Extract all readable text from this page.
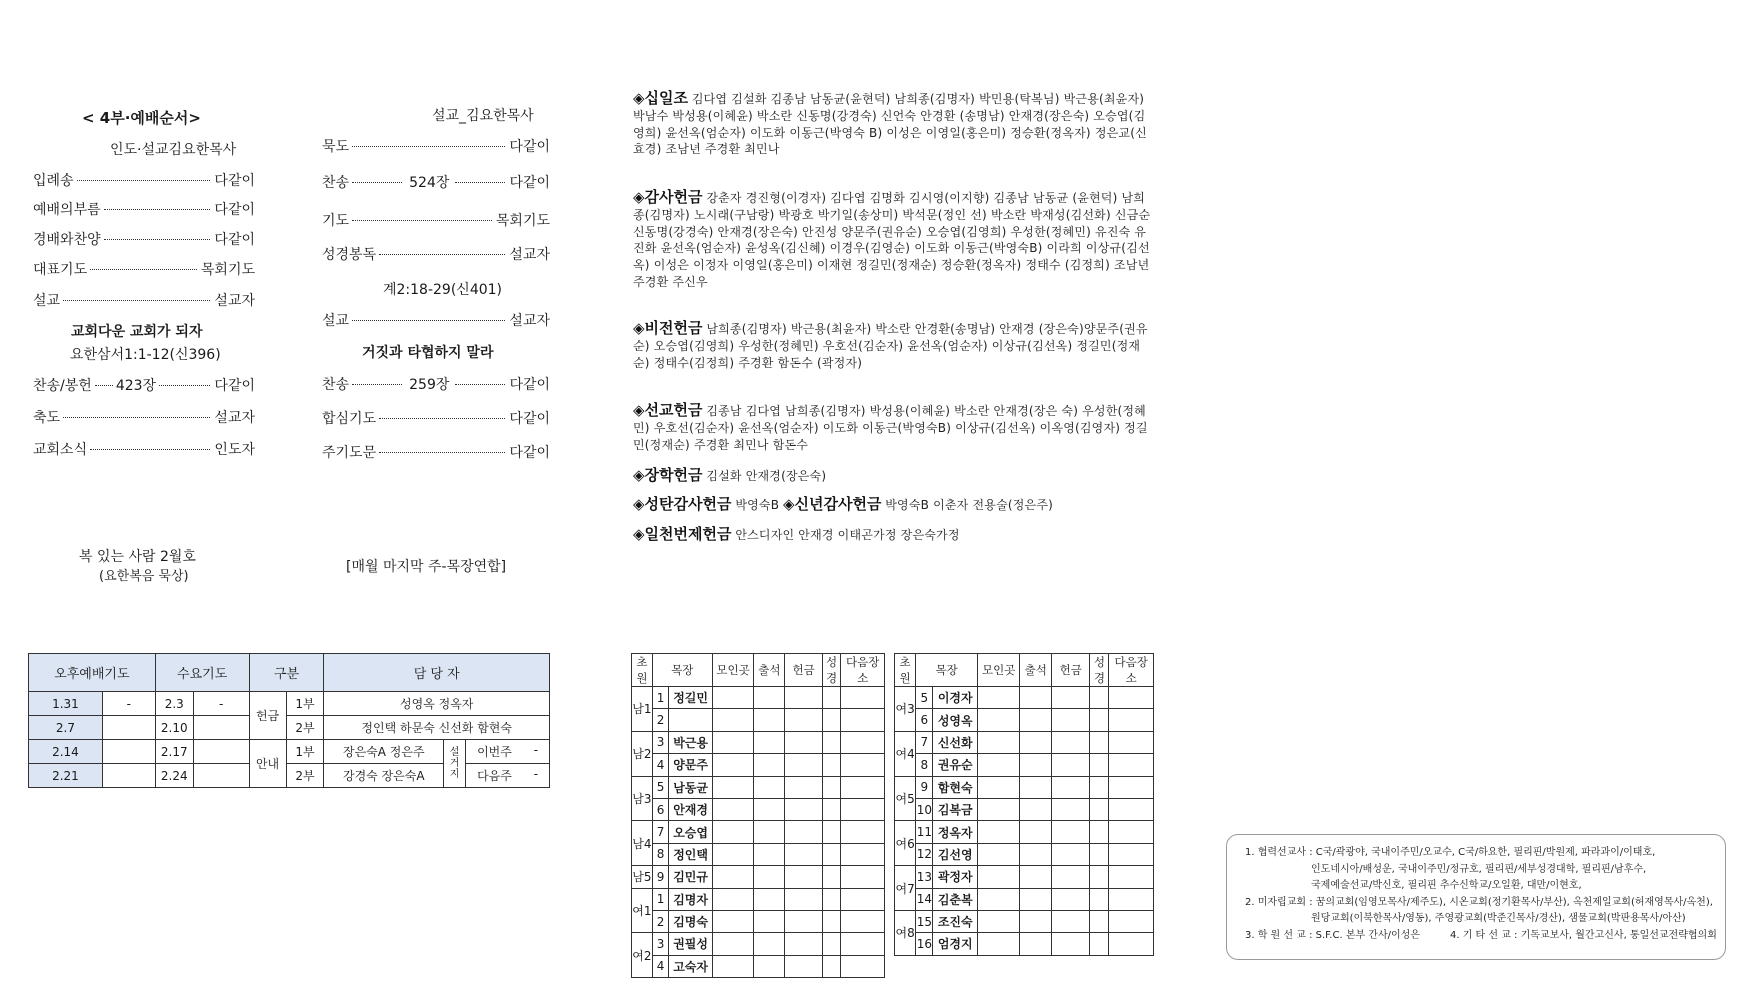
< 4부·예배순서>
인도·설교김요한목사
입례송	다같이
예배의부름	다같이
경배와찬양	다같이
대표기도	목회기도
설교	설교자
교회다운 교회가 되자
요한삼서1:1-12(신396)
찬송/봉헌 423장	다같이
축도	설교자
교회소식	인도자
설교_김요한목사
묵도	다같이
찬송	524장	다같이
기도	목회기도
성경봉독	설교자
계2:18-29(신401)
설교	설교자
거짓과 타협하지 말라
찬송	259장	다같이
합심기도	다같이
주기도문	다같이
복 있는 사람 2월호
(요한복음 묵상)
[매월 마지막 주-목장연합]
◈십일조 김다엽 김설화 김종남 남동균(윤현덕) 남희종(김명자) 박민용(탁복님) 박근용(최윤자) 박남수 박성용(이혜윤) 박소란 신동명(강경숙) 신언숙 안경환 (송명남) 안재경(장은숙) 오승엽(김영희) 윤선옥(엄순자) 이도화 이동근(박영숙 B) 이성은 이영일(홍은미) 정승환(정옥자) 정은교(신효경) 조남년 주경환 최민나
◈감사헌금 강춘자 경진형(이경자) 김다엽 김명화 김시영(이지향) 김종남 남동균 (윤현덕) 남희종(김명자) 노시래(구남랑) 박광호 박기일(송상미) 박석문(정인 선) 박소란 박재성(김선화) 신금순 신동명(강경숙) 안재경(장은숙) 안진성 양문주(권유순) 오승엽(김영희) 우성한(정혜민) 유진숙 유진화 윤선옥(엄순자) 윤성옥(김신혜) 이경우(김영순) 이도화 이동근(박영숙B) 이라희 이상규(김선옥) 이성은 이정자 이영일(홍은미) 이재현 정길민(정재순) 정승환(정옥자) 정태수 (김정희) 조남년 주경환 주신우
◈비전헌금 남희종(김명자) 박근용(최윤자) 박소란 안경환(송명남) 안재경 (장은숙)양문주(권유순) 오승엽(김영희) 우성한(정혜민) 우호선(김순자) 윤선옥(엄순자) 이상규(김선옥) 정길민(정재순) 정태수(김정희) 주경환 함돈수 (곽정자)
◈선교헌금 김종남 김다엽 남희종(김명자) 박성용(이혜윤) 박소란 안재경(장은 숙) 우성한(정혜민) 우호선(김순자) 윤선옥(엄순자) 이도화 이동근(박영숙B) 이상규(김선옥) 이옥영(김영자) 정길민(정재순) 주경환 최민나 함돈수
◈장학헌금 김설화 안재경(장은숙)
◈성탄감사헌금 박영숙B ◈신년감사헌금 박영숙B 이춘자 전용술(정은주)
◈일천번제헌금 안스디자인 안재경 이태곤가정 장은숙가정
오후예배기도		수요기도		구분		담 당 자		
1.31	-	2.3	-	헌금	1부	성영옥 정옥자		
2.7		2.10			2부	정인택 하문숙 신선화 함현숙		
2.14		2.17		안내	1부	장은숙A 정은주	설거지	이번주 -

2.21		2.24			2부	강경숙 장은숙A		다음주 -
초원	목장		모인곳	출석	헌금	성경	다음장소
남1	1	정길민					
	2						
남2	3	박근용					
	4	양문주					
남3	5	남동균					
	6	안재경					
남4	7	오승엽					
	8	정인택					
남5	9	김민규					
여1	1	김명자					
	2	김명숙					
여2	3	권필성					
	4	고숙자					
초원	목장		모인곳	출석	헌금	성경	다음장소
여3	5	이경자					
	6	성영옥					
여4	7	신선화					
	8	권유순					
여5	9	함현숙					
	10	김복금					
여6	11	정옥자					
	12	김선영					
여7	13	곽정자					
	14	김춘복					
여8	15	조진숙					
	16	엄경지					
1. 협력선교사 : C국/곽광야, 국내이주민/오교수, C국/하요한, 필리핀/박원제, 파라과이/이태호,
인도네시아/배성운, 국내이주민/정규호, 필리핀/세부성경대학, 필리핀/남후수,
국제예술선교/박신호, 필리핀 추수신학교/오일환, 대만/이현호,
2. 미자립교회 : 꿈의교회(임영모목사/제주도), 시온교회(정기환목사/부산), 옥천제일교회(허재영목사/옥천),
원당교회(이북한목사/영동), 주영광교회(박준긴목사/경산), 샘물교회(박판용목사/아산)
3. 학 원 선 교 : S.F.C. 본부 간사/이성은	4. 기 타 선 교 : 기독교보사, 월간고신사, 통일선교전략협의회
